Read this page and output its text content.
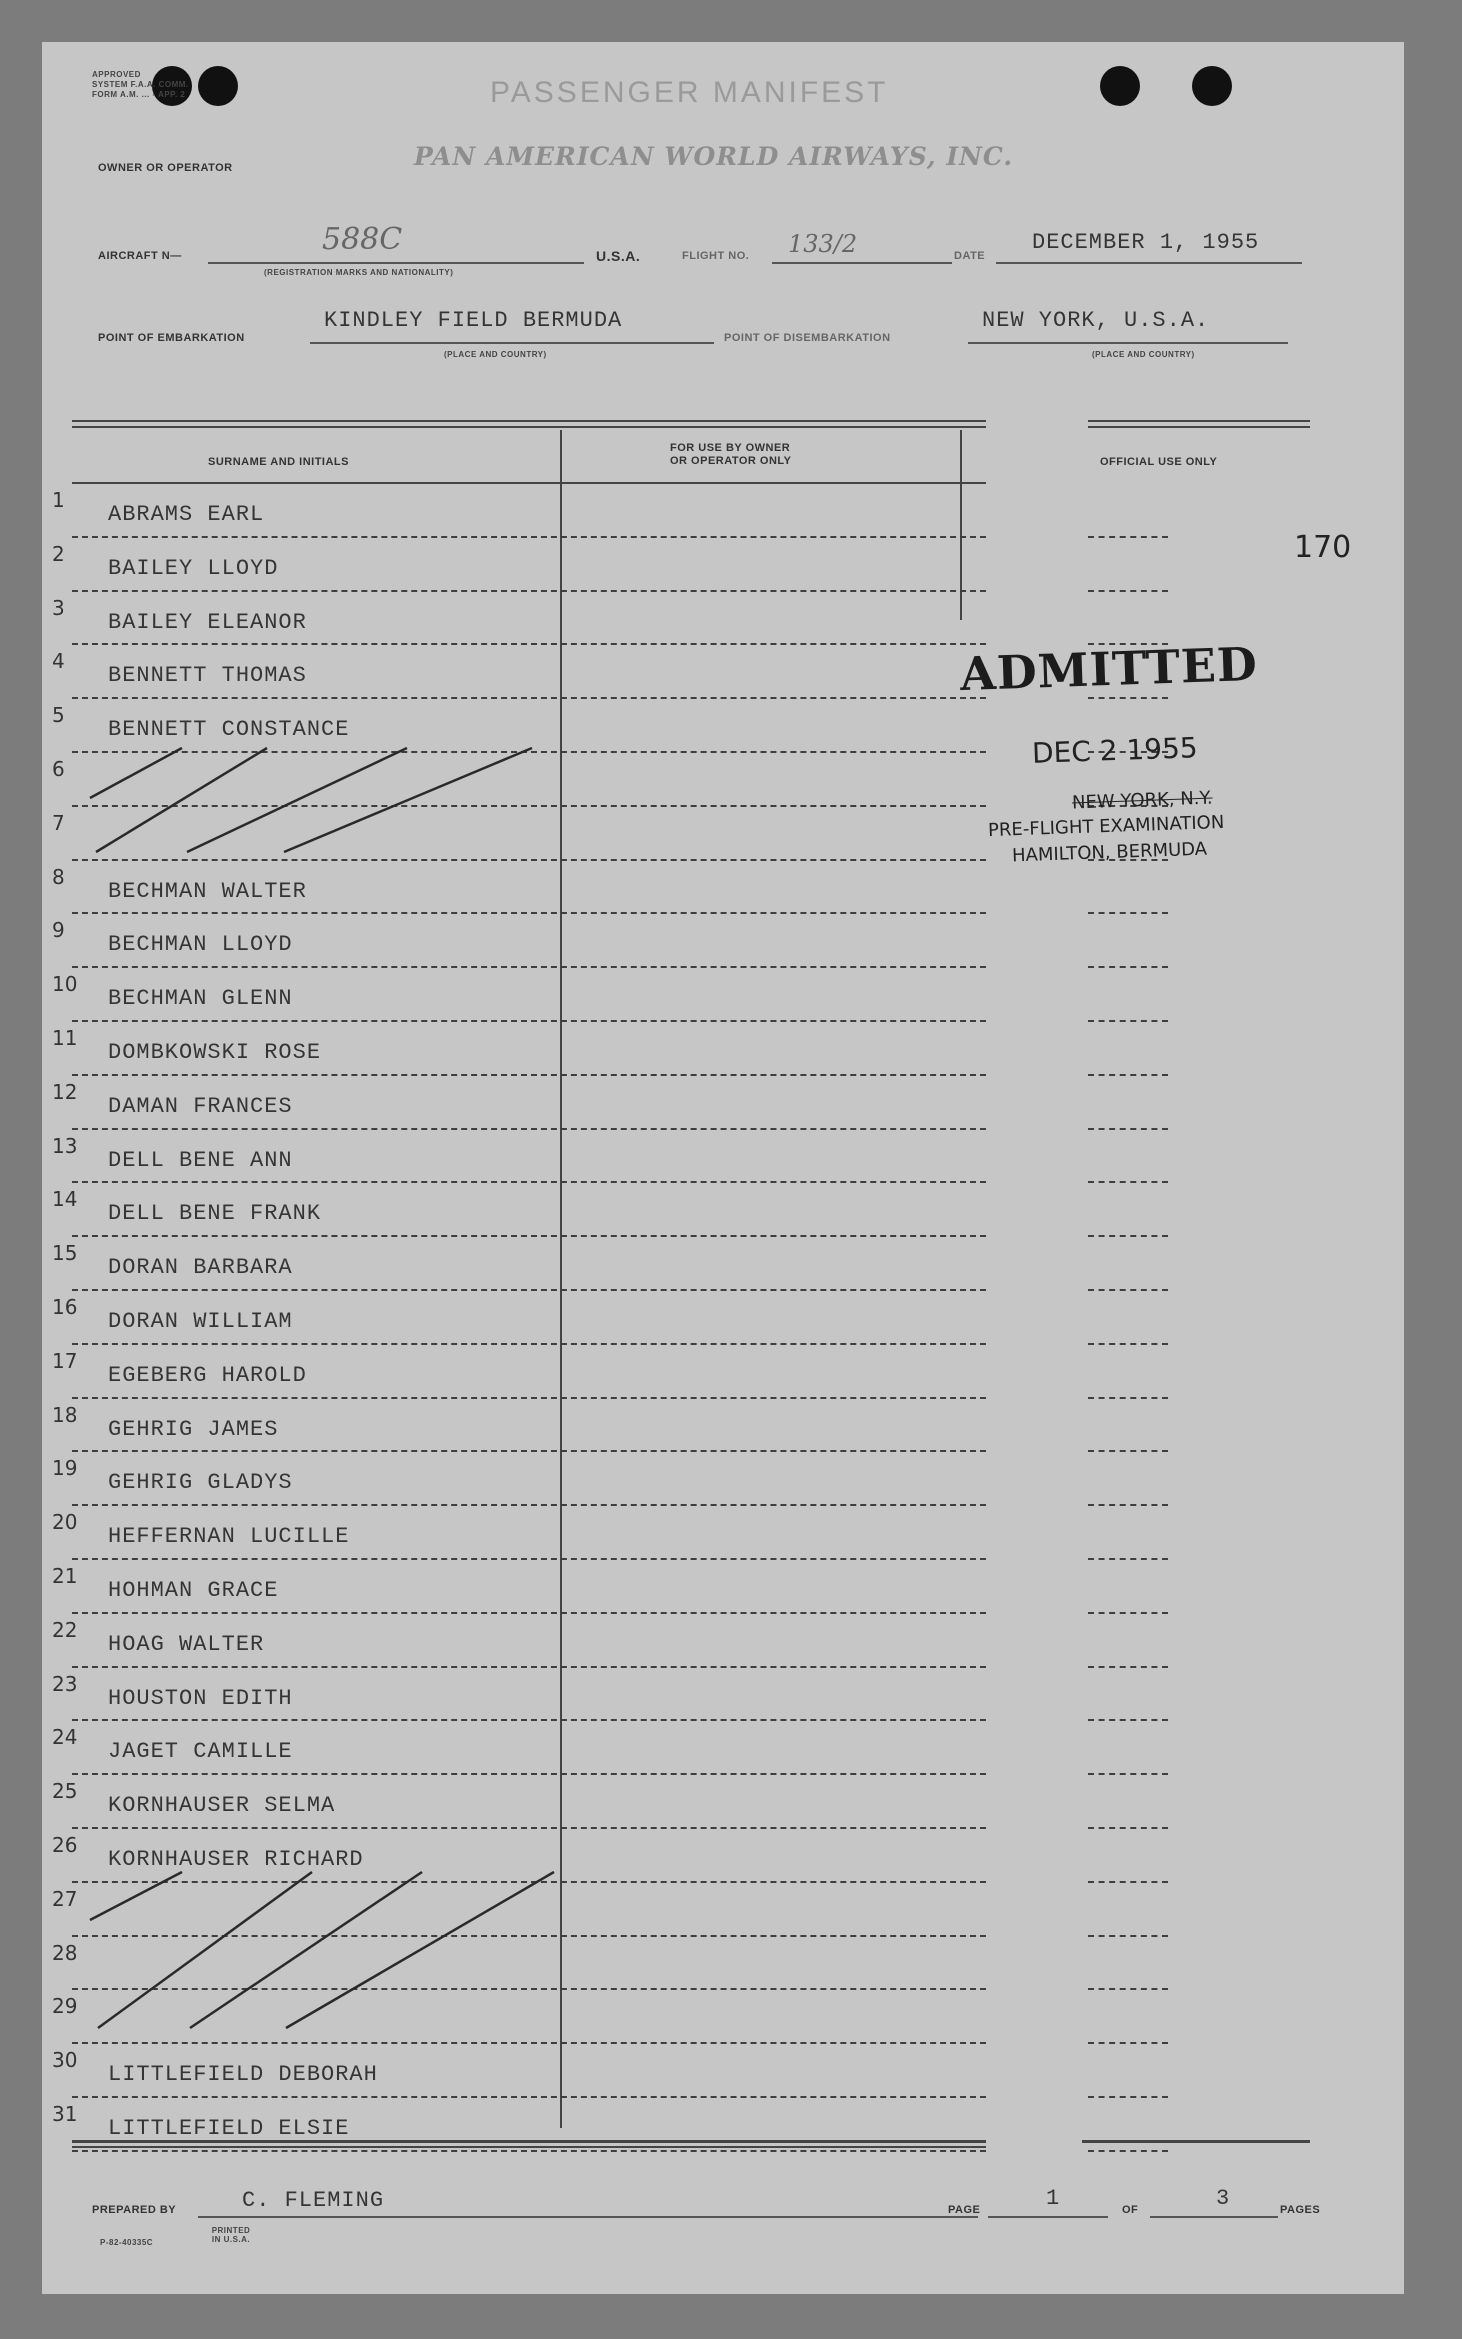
APPROVED
SYSTEM F.A.A. COMM.
FORM A.M. ... - APP. 2	PASSENGER MANIFEST
OWNER OR OPERATOR	PAN AMERICAN WORLD AIRWAYS, INC.
AIRCRAFT N—	588C
(REGISTRATION MARKS AND NATIONALITY)
U.S.A.	FLIGHT NO. 133/2	DATE
DECEMBER 1, 1955
POINT OF EMBARKATION
KINDLEY FIELD BERMUDA
(PLACE AND COUNTRY)
POINT OF DISEMBARKATION
NEW YORK, U.S.A.
(PLACE AND COUNTRY)
SURNAME AND INITIALS
FOR USE BY OWNER
OR OPERATOR ONLY	OFFICIAL USE ONLY
170
1
ABRAMS EARL
2
BAILEY LLOYD
3
BAILEY ELEANOR
4
BENNETT THOMAS
5
BENNETT CONSTANCE
6
7
8
BECHMAN WALTER
9
BECHMAN LLOYD
10
BECHMAN GLENN
11
DOMBKOWSKI ROSE
12
DAMAN FRANCES
13
DELL BENE ANN
14
DELL BENE FRANK
15
DORAN BARBARA
16
DORAN WILLIAM
17
EGEBERG HAROLD
18
GEHRIG JAMES
19
GEHRIG GLADYS
20
HEFFERNAN LUCILLE
21
HOHMAN GRACE
22
HOAG WALTER
23
HOUSTON EDITH
24
JAGET CAMILLE
25
KORNHAUSER SELMA
26
KORNHAUSER RICHARD
27
28
29
30
LITTLEFIELD DEBORAH
31
LITTLEFIELD ELSIE
ADMITTED
DEC 2 1955
NEW YORK, N.Y.
PRE-FLIGHT EXAMINATION
HAMILTON, BERMUDA
PREPARED BY	C. FLEMING	PAGE	1	OF	3	PAGES
P-82-40335C
PRINTED IN U.S.A.
